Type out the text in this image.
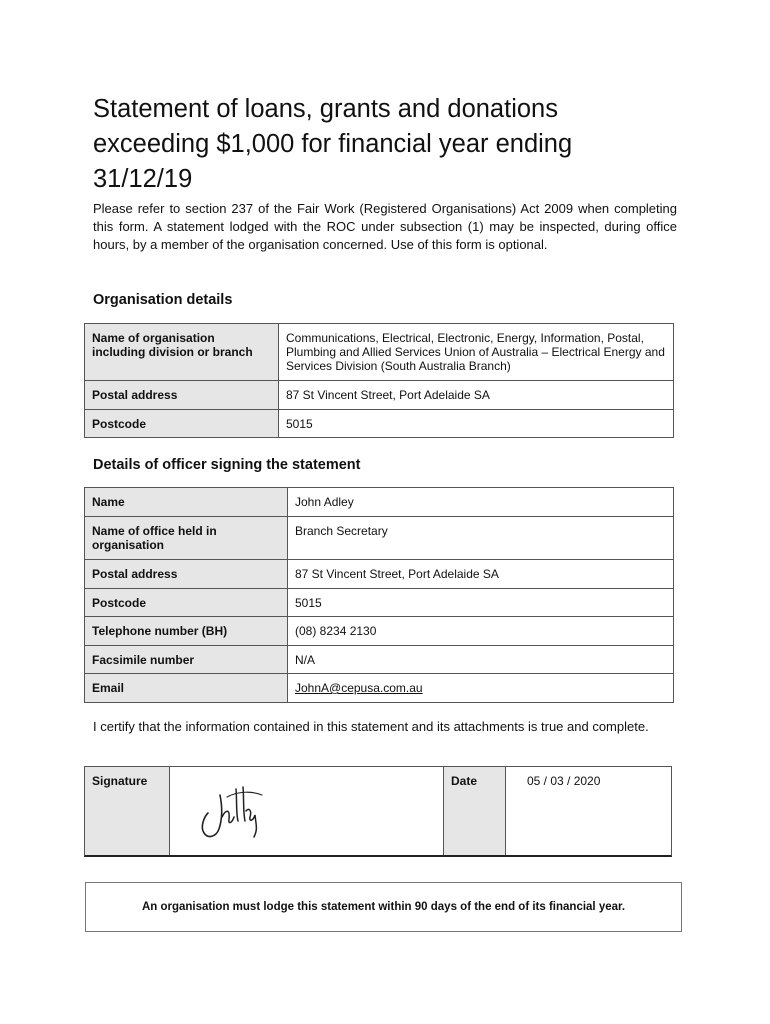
Statement of loans, grants and donations exceeding $1,000 for financial year ending 31/12/19

Please refer to section 237 of the Fair Work (Registered Organisations) Act 2009 when completing this form. A statement lodged with the ROC under subsection (1) may be inspected, during office hours, by a member of the organisation concerned. Use of this form is optional.

Organisation details
Name of organisation including division or branch	Communications, Electrical, Electronic, Energy, Information, Postal, Plumbing and Allied Services Union of Australia – Electrical Energy and Services Division (South Australia Branch)
Postal address	87 St Vincent Street, Port Adelaide SA
Postcode	5015
Details of officer signing the statement
Name	John Adley
Name of office held in organisation	Branch Secretary
Postal address	87 St Vincent Street, Port Adelaide SA
Postcode	5015
Telephone number (BH)	(08) 8234 2130
Facsimile number	N/A
Email	JohnA@cepusa.com.au

I certify that the information contained in this statement and its attachments is true and complete.

Signature	Date	05 / 03 / 2020
An organisation must lodge this statement within 90 days of the end of its financial year.
